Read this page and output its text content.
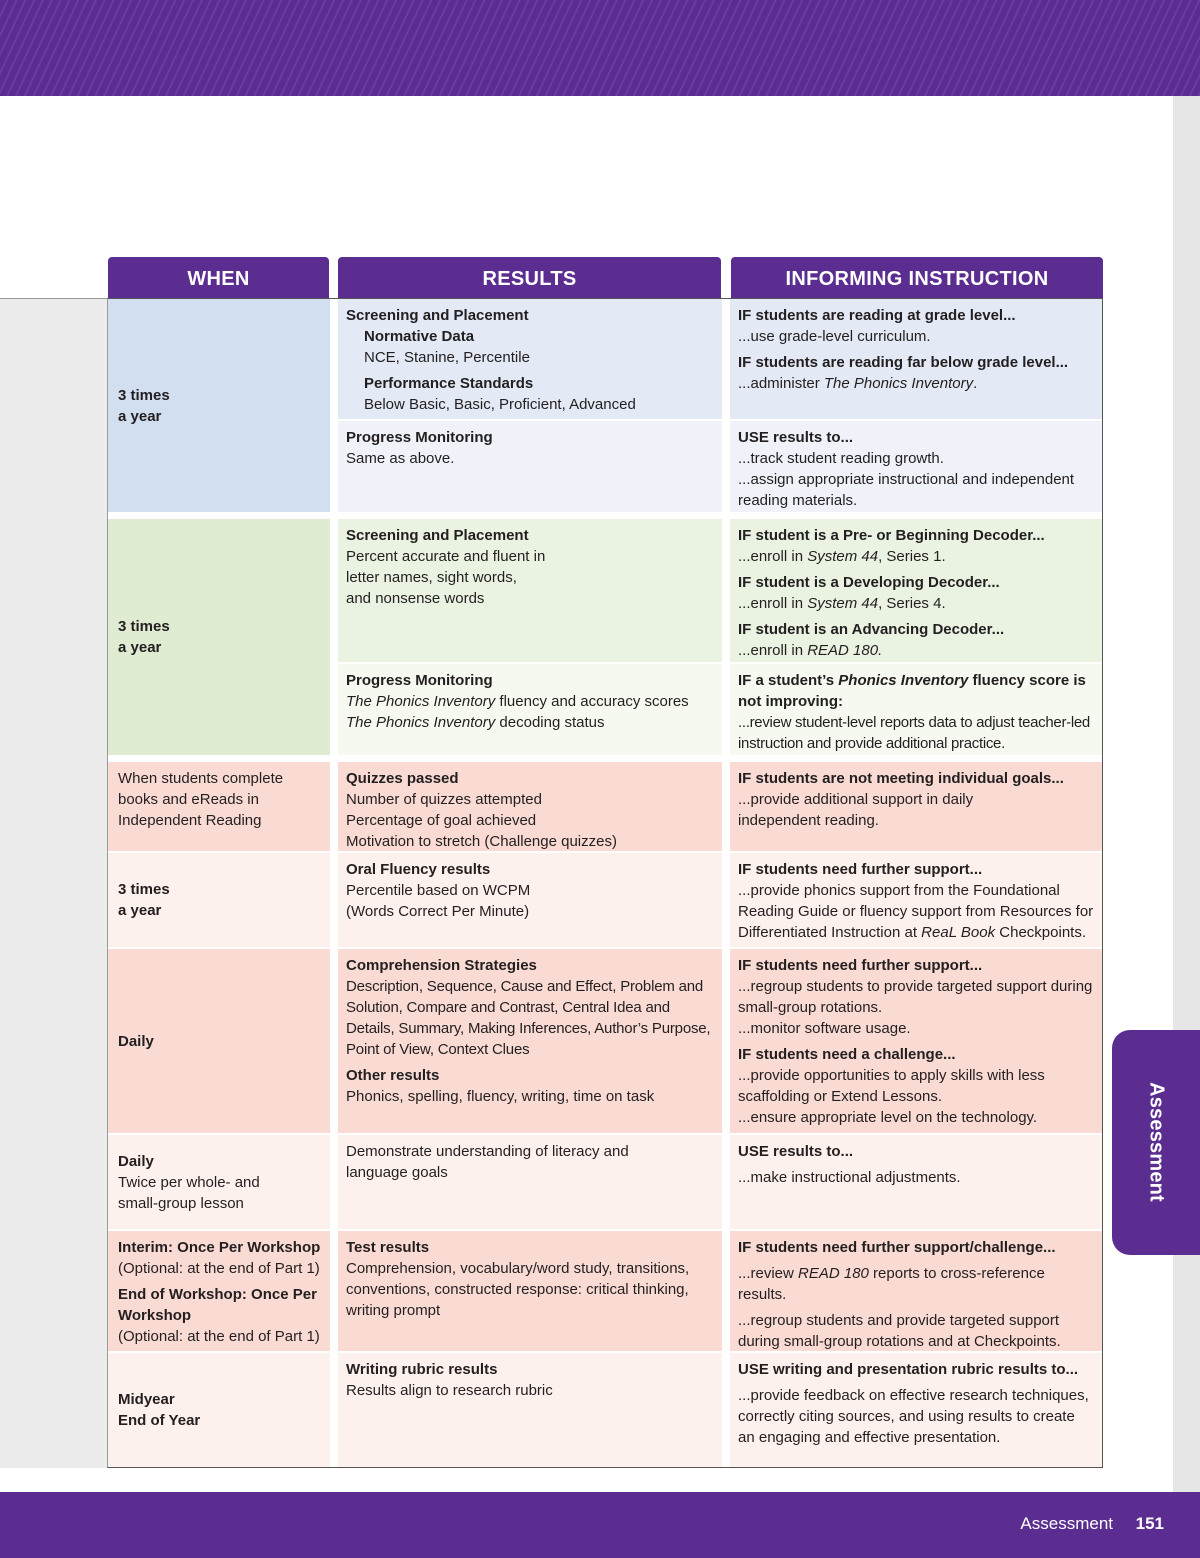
WHEN	RESULTS	INFORMING INSTRUCTION

3 times

a year

Screening and Placement

Normative Data

NCE, Stanine, Percentile

Performance Standards

Below Basic, Basic, Proficient, Advanced

IF students are reading at grade level...

...use grade-level curriculum.

IF students are reading far below grade level...

...administer The Phonics Inventory.

Progress Monitoring

Same as above.

USE results to...

...track student reading growth.

...assign appropriate instructional and independent reading materials.

3 times

a year

Screening and Placement

Percent accurate and fluent in letter names, sight words, and nonsense words

IF student is a Pre- or Beginning Decoder...

...enroll in System 44, Series 1.

IF student is a Developing Decoder...

...enroll in System 44, Series 4.

IF student is an Advancing Decoder...

...enroll in READ 180.

Progress Monitoring

The Phonics Inventory fluency and accuracy scores

The Phonics Inventory decoding status

IF a student’s Phonics Inventory fluency score is not improving:

...review student-level reports data to adjust teacher-led instruction and provide additional practice.

When students complete books and eReads in Independent Reading

Quizzes passed

Number of quizzes attempted

Percentage of goal achieved

Motivation to stretch (Challenge quizzes)

IF students are not meeting individual goals...

...provide additional support in daily independent reading.

3 times

a year

Oral Fluency results

Percentile based on WCPM (Words Correct Per Minute)

IF students need further support...

...provide phonics support from the Foundational Reading Guide or fluency support from Resources for Differentiated Instruction at ReaL Book Checkpoints.

Daily

Comprehension Strategies

Description, Sequence, Cause and Effect, Problem and Solution, Compare and Contrast, Central Idea and Details, Summary, Making Inferences, Author’s Purpose, Point of View, Context Clues

Other results

Phonics, spelling, fluency, writing, time on task

IF students need further support...

...regroup students to provide targeted support during small-group rotations.

...monitor software usage.

IF students need a challenge...

...provide opportunities to apply skills with less scaffolding or Extend Lessons.

...ensure appropriate level on the technology.

Daily

Twice per whole- and small-group lesson

Demonstrate understanding of literacy and language goals

USE results to...

...make instructional adjustments.

Interim: Once Per Workshop

(Optional: at the end of Part 1)

End of Workshop: Once Per Workshop

(Optional: at the end of Part 1)

Test results

Comprehension, vocabulary/word study, transitions, conventions, constructed response: critical thinking, writing prompt

IF students need further support/challenge...

...review READ 180 reports to cross-reference results.

...regroup students and provide targeted support during small-group rotations and at Checkpoints.

Midyear

End of Year

Writing rubric results

Results align to research rubric

USE writing and presentation rubric results to...

...provide feedback on effective research techniques, correctly citing sources, and using results to create an engaging and effective presentation.

Assessment
Assessment 151
